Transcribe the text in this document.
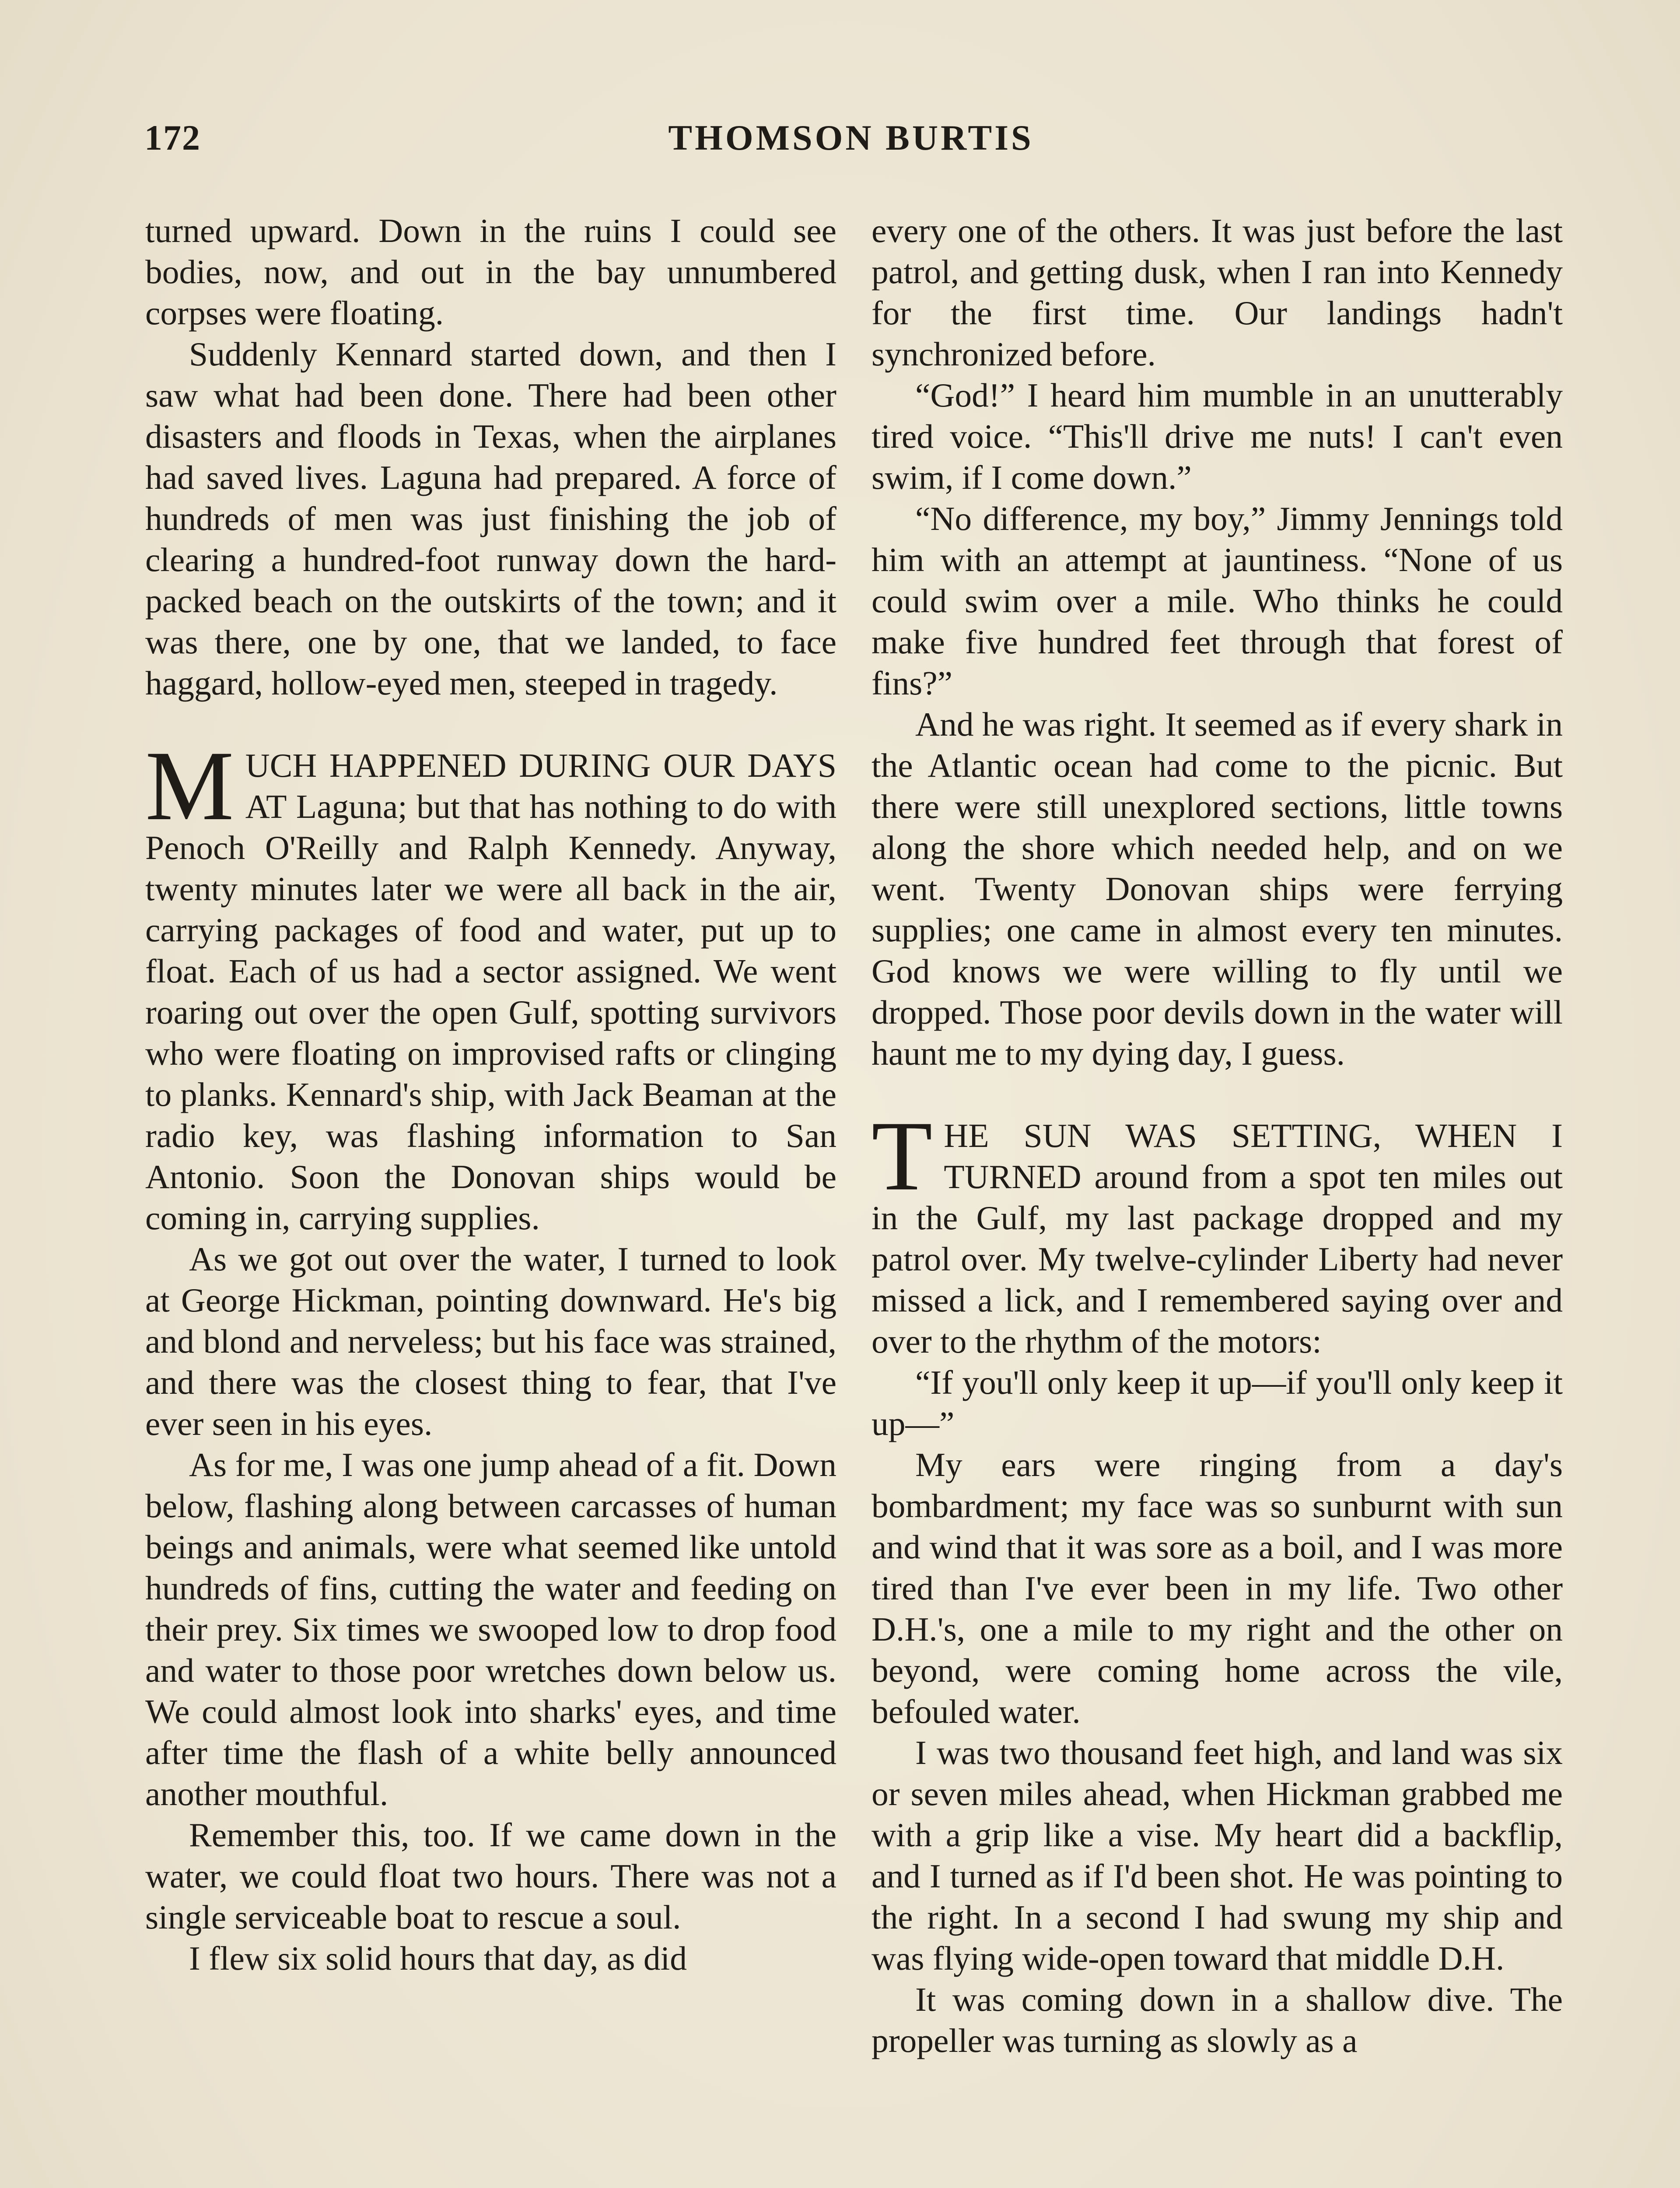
172	THOMSON BURTIS

turned upward. Down in the ruins I could see bodies, now, and out in the bay unnumbered corpses were floating.

Suddenly Kennard started down, and then I saw what had been done. There had been other disasters and floods in Texas, when the airplanes had saved lives. Laguna had prepared. A force of hundreds of men was just finishing the job of clearing a hundred-foot runway down the hard-packed beach on the outskirts of the town; and it was there, one by one, that we landed, to face haggard, hollow-eyed men, steeped in tragedy.

MUCH HAPPENED DURING OUR DAYS AT Laguna; but that has nothing to do with Penoch O'Reilly and Ralph Kennedy. Anyway, twenty minutes later we were all back in the air, carrying packages of food and water, put up to float. Each of us had a sector assigned. We went roaring out over the open Gulf, spotting survivors who were floating on improvised rafts or clinging to planks. Kennard's ship, with Jack Beaman at the radio key, was flashing information to San Antonio. Soon the Donovan ships would be coming in, carrying supplies.

As we got out over the water, I turned to look at George Hickman, pointing downward. He's big and blond and nerveless; but his face was strained, and there was the closest thing to fear, that I've ever seen in his eyes.

As for me, I was one jump ahead of a fit. Down below, flashing along between carcasses of human beings and animals, were what seemed like untold hundreds of fins, cutting the water and feeding on their prey. Six times we swooped low to drop food and water to those poor wretches down below us. We could almost look into sharks' eyes, and time after time the flash of a white belly announced another mouthful.

Remember this, too. If we came down in the water, we could float two hours. There was not a single serviceable boat to rescue a soul.

I flew six solid hours that day, as did

every one of the others. It was just before the last patrol, and getting dusk, when I ran into Kennedy for the first time. Our landings hadn't synchronized before.

“God!” I heard him mumble in an unutterably tired voice. “This'll drive me nuts! I can't even swim, if I come down.”

“No difference, my boy,” Jimmy Jennings told him with an attempt at jauntiness. “None of us could swim over a mile. Who thinks he could make five hundred feet through that forest of fins?”

And he was right. It seemed as if every shark in the Atlantic ocean had come to the picnic. But there were still unexplored sections, little towns along the shore which needed help, and on we went. Twenty Donovan ships were ferrying supplies; one came in almost every ten minutes. God knows we were willing to fly until we dropped. Those poor devils down in the water will haunt me to my dying day, I guess.

THE SUN WAS SETTING, WHEN I TURNED around from a spot ten miles out in the Gulf, my last package dropped and my patrol over. My twelve-cylinder Liberty had never missed a lick, and I remembered saying over and over to the rhythm of the motors:

“If you'll only keep it up—if you'll only keep it up—”

My ears were ringing from a day's bombardment; my face was so sunburnt with sun and wind that it was sore as a boil, and I was more tired than I've ever been in my life. Two other D.H.'s, one a mile to my right and the other on beyond, were coming home across the vile, befouled water.

I was two thousand feet high, and land was six or seven miles ahead, when Hickman grabbed me with a grip like a vise. My heart did a backflip, and I turned as if I'd been shot. He was pointing to the right. In a second I had swung my ship and was flying wide-open toward that middle D.H.

It was coming down in a shallow dive. The propeller was turning as slowly as a
